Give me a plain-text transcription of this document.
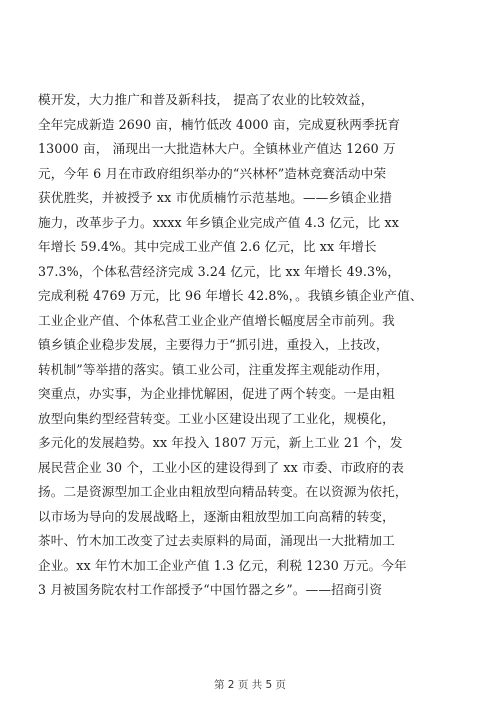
模开发，大力推广和普及新科技， 提高了农业的比较效益，
全年完成新造 2690 亩，楠竹低改 4000 亩，完成夏秋两季抚育
13000 亩， 涌现出一大批造林大户。全镇林业产值达 1260 万
元，今年 6 月在市政府组织举办的“兴林杯”造林竞赛活动中荣
获优胜奖，并被授予 xx 市优质楠竹示范基地。——乡镇企业措
施力，改革步子力。xxxx 年乡镇企业完成产值 4.3 亿元，比 xx
年增长 59.4%。其中完成工业产值 2.6 亿元，比 xx 年增长
37.3%，个体私营经济完成 3.24 亿元，比 xx 年增长 49.3%，
完成利税 4769 万元，比 96 年增长 42.8%，。我镇乡镇企业产值、
工业企业产值、个体私营工业企业产值增长幅度居全市前列。我
镇乡镇企业稳步发展，主要得力于“抓引进，重投入，上技改，
转机制”等举措的落实。镇工业公司，注重发挥主观能动作用，
突重点，办实事，为企业排忧解困，促进了两个转变。一是由粗
放型向集约型经营转变。工业小区建设出现了工业化，规模化，
多元化的发展趋势。xx 年投入 1807 万元，新上工业 21 个，发
展民营企业 30 个，工业小区的建设得到了 xx 市委、市政府的表
扬。二是资源型加工企业由粗放型向精品转变。在以资源为依托，
以市场为导向的发展战略上，逐渐由粗放型加工向高精的转变，
茶叶、竹木加工改变了过去卖原料的局面，涌现出一大批精加工
企业。xx 年竹木加工企业产值 1.3 亿元，利税 1230 万元。今年
3 月被国务院农村工作部授予“中国竹器之乡”。——招商引资
第 2 页 共 5 页
